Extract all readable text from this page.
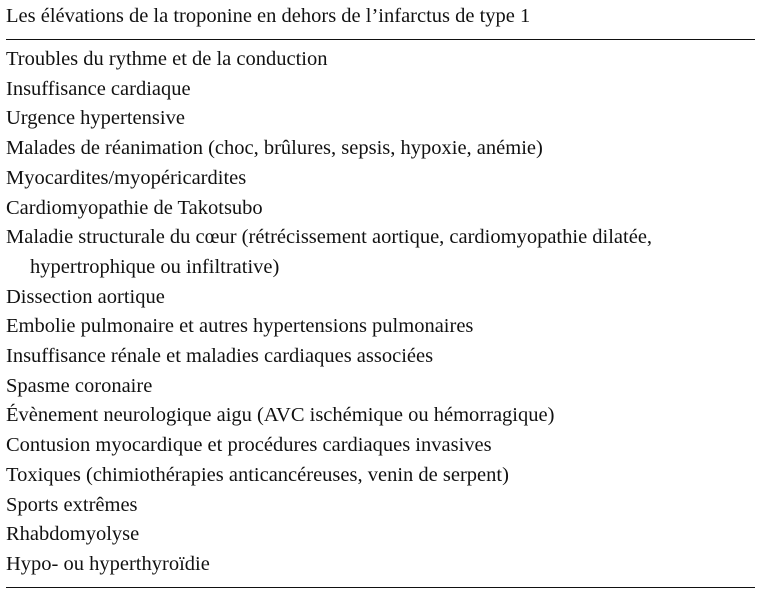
Les élévations de la troponine en dehors de l’infarctus de type 1
Troubles du rythme et de la conduction
Insuffisance cardiaque
Urgence hypertensive
Malades de réanimation (choc, brûlures, sepsis, hypoxie, anémie)
Myocardites/myopéricardites
Cardiomyopathie de Takotsubo
Maladie structurale du cœur (rétrécissement aortique, cardiomyopathie dilatée, hypertrophique ou infiltrative)
Dissection aortique
Embolie pulmonaire et autres hypertensions pulmonaires
Insuffisance rénale et maladies cardiaques associées
Spasme coronaire
Évènement neurologique aigu (AVC ischémique ou hémorragique)
Contusion myocardique et procédures cardiaques invasives
Toxiques (chimiothérapies anticancéreuses, venin de serpent)
Sports extrêmes
Rhabdomyolyse
Hypo- ou hyperthyroïdie
